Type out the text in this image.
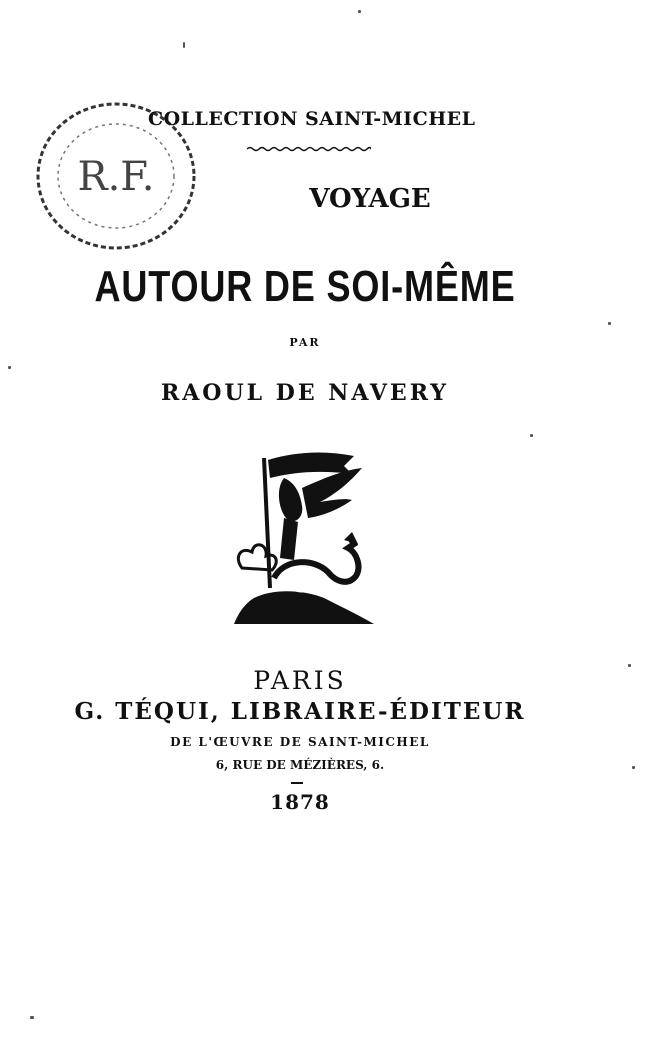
R.F.
COLLECTION SAINT-MICHEL
VOYAGE
AUTOUR DE SOI-MÊME
PAR
RAOUL DE NAVERY
PARIS
G. TÉQUI, LIBRAIRE-ÉDITEUR
DE L'ŒUVRE DE SAINT-MICHEL
6, RUE DE MÉZIÈRES, 6.
1878
